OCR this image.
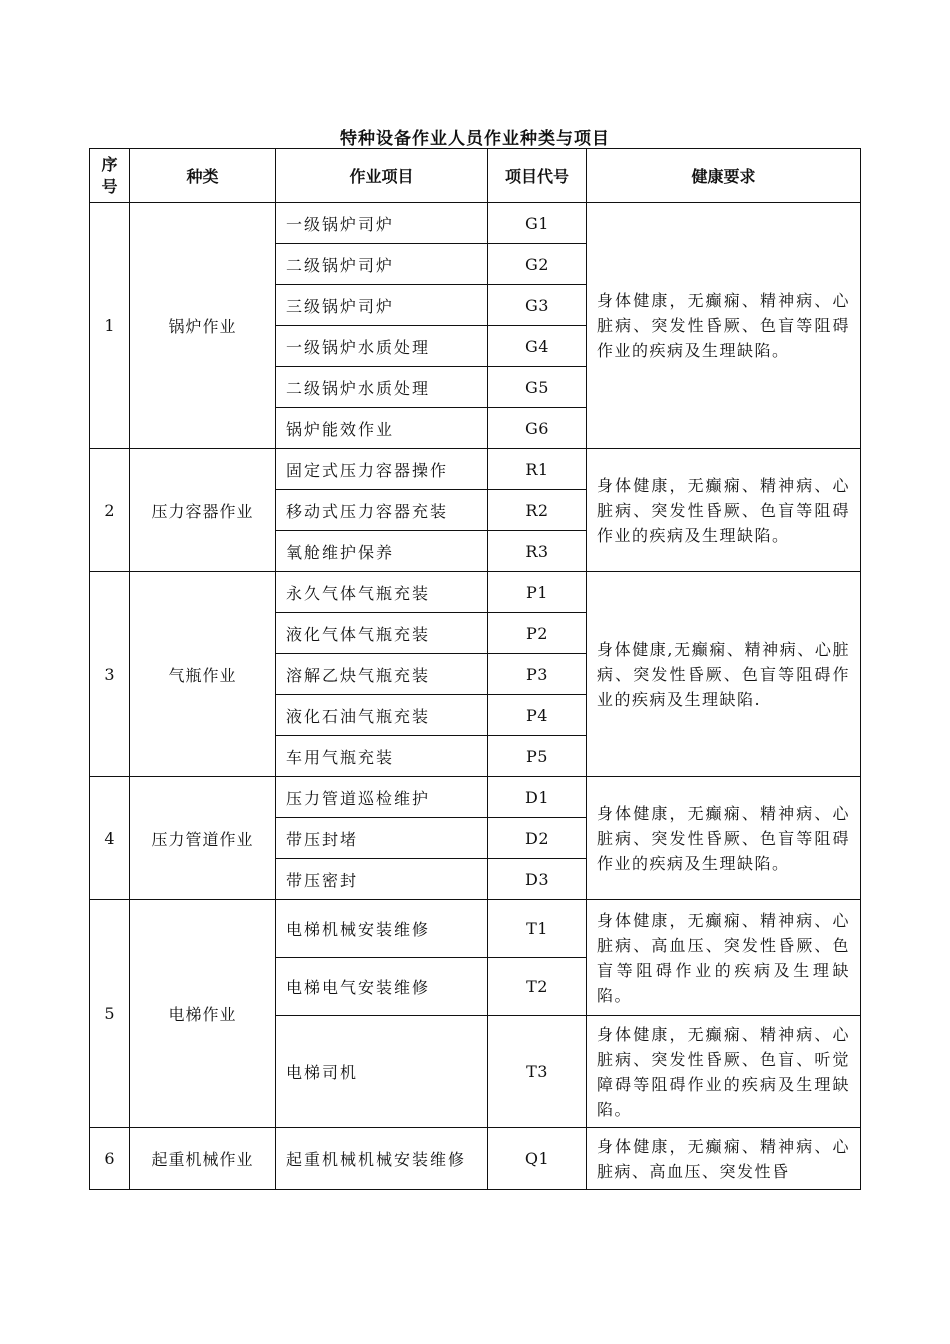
特种设备作业人员作业种类与项目
序
号	种类	作业项目	项目代号	健康要求
1	锅炉作业	一级锅炉司炉	G1	身体健康，无癫痫、精神病、心脏病、突发性昏厥、色盲等阻碍作业的疾病及生理缺陷。
		二级锅炉司炉	G2	
		三级锅炉司炉	G3	
		一级锅炉水质处理	G4	
		二级锅炉水质处理	G5	
		锅炉能效作业	G6	
2	压力容器作业	固定式压力容器操作	R1	身体健康，无癫痫、精神病、心脏病、突发性昏厥、色盲等阻碍作业的疾病及生理缺陷。
		移动式压力容器充装	R2	
		氧舱维护保养	R3	
3	气瓶作业	永久气体气瓶充装	P1	身体健康,无癫痫、精神病、心脏病、突发性昏厥、色盲等阻碍作业的疾病及生理缺陷.
		液化气体气瓶充装	P2	
		溶解乙炔气瓶充装	P3	
		液化石油气瓶充装	P4	
		车用气瓶充装	P5	
4	压力管道作业	压力管道巡检维护	D1	身体健康，无癫痫、精神病、心脏病、突发性昏厥、色盲等阻碍作业的疾病及生理缺陷。
		带压封堵	D2	
		带压密封	D3	
5	电梯作业	电梯机械安装维修	T1	身体健康，无癫痫、精神病、心脏病、高血压、突发性昏厥、色盲等阻碍作业的疾病及生理缺陷。
		电梯电气安装维修	T2	
		电梯司机	T3	身体健康，无癫痫、精神病、心脏病、突发性昏厥、色盲、听觉障碍等阻碍作业的疾病及生理缺陷。
6	起重机械作业	起重机械机械安装维修	Q1	身体健康，无癫痫、精神病、心脏病、高血压、突发性昏
